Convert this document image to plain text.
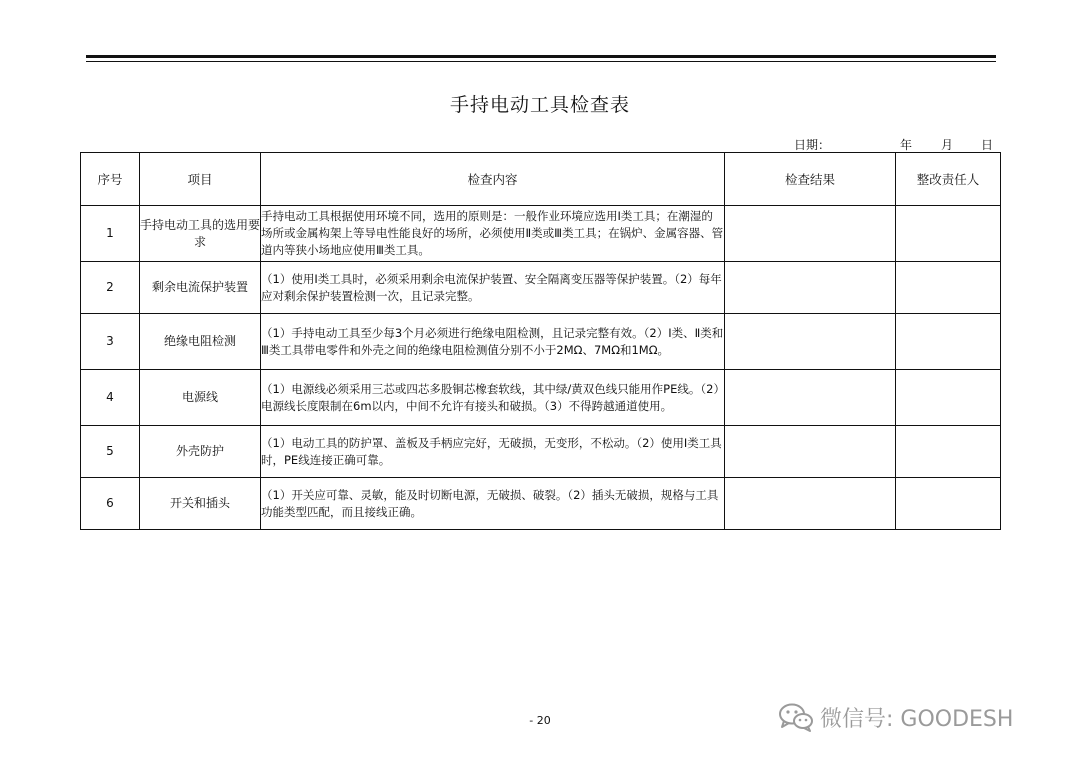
手持电动工具检查表
日期：	年 月 日
序号	项目	检查内容	检查结果	整改责任人
1	手持电动工具的选用要求	手持电动工具根据使用环境不同，选用的原则是：一般作业环境应选用Ⅰ类工具；在潮湿的场所或金属构架上等导电性能良好的场所，必须使用Ⅱ类或Ⅲ类工具；在锅炉、金属容器、管道内等狭小场地应使用Ⅲ类工具。		
2	剩余电流保护装置	（1）使用Ⅰ类工具时，必须采用剩余电流保护装置、安全隔离变压器等保护装置。（2）每年应对剩余保护装置检测一次，且记录完整。		
3	绝缘电阻检测	（1）手持电动工具至少每3个月必须进行绝缘电阻检测，且记录完整有效。（2）Ⅰ类、Ⅱ类和Ⅲ类工具带电零件和外壳之间的绝缘电阻检测值分别不小于2MΩ、7MΩ和1MΩ。		
4	电源线	（1）电源线必须采用三芯或四芯多股铜芯橡套软线，其中绿/黄双色线只能用作PE线。（2）电源线长度限制在6m以内，中间不允许有接头和破损。（3）不得跨越通道使用。		
5	外壳防护	（1）电动工具的防护罩、盖板及手柄应完好，无破损，无变形，不松动。（2）使用Ⅰ类工具时，PE线连接正确可靠。		
6	开关和插头	（1）开关应可靠、灵敏，能及时切断电源，无破损、破裂。（2）插头无破损，规格与工具功能类型匹配，而且接线正确。		
- 20	微信号: GOODESH
